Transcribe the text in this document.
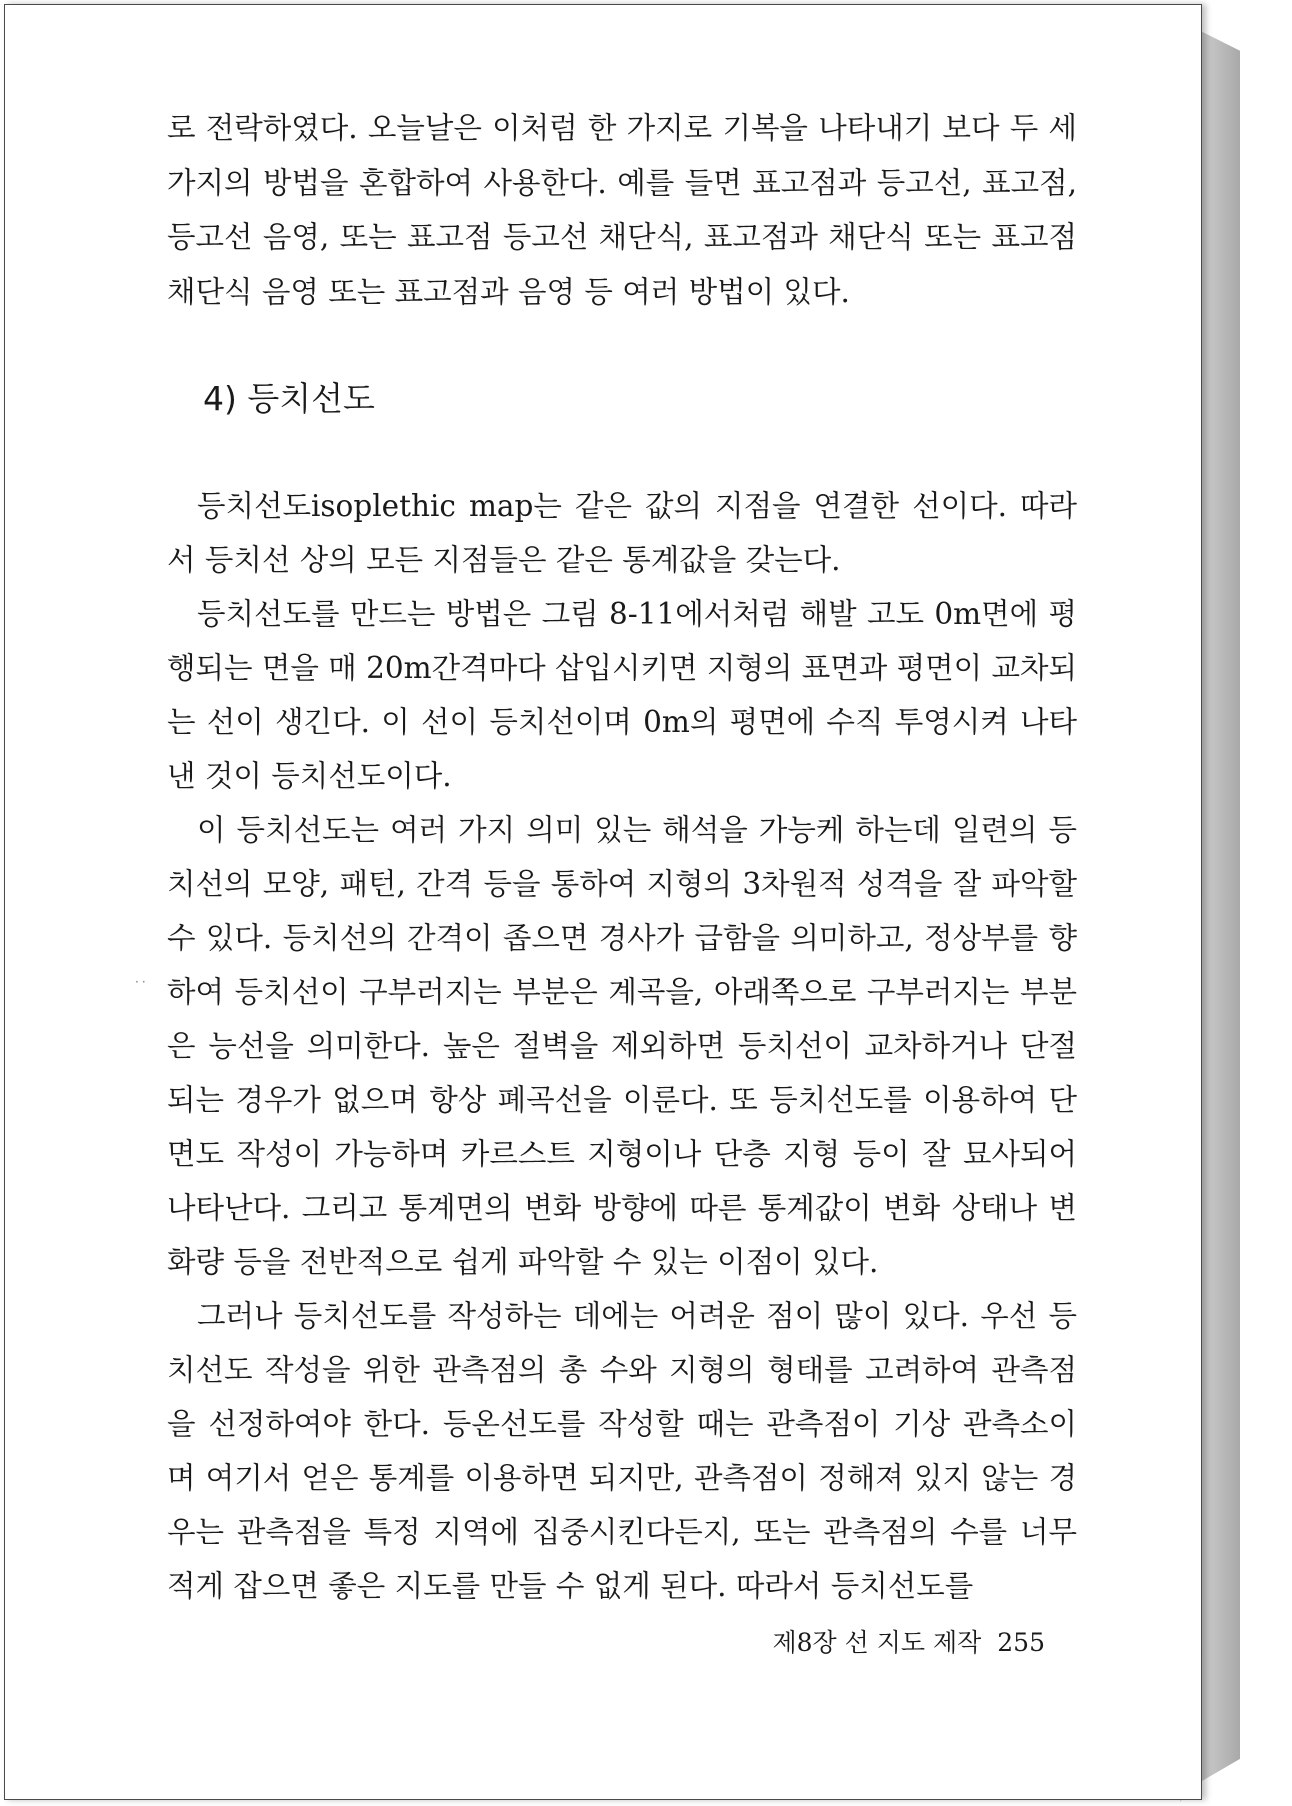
로 전락하였다. 오늘날은 이처럼 한 가지로 기복을 나타내기 보다 두 세 가지의 방법을 혼합하여 사용한다. 예를 들면 표고점과 등고선, 표고점, 등고선 음영, 또는 표고점 등고선 채단식, 표고점과 채단식 또는 표고점 채단식 음영 또는 표고점과 음영 등 여러 방법이 있다.

4) 등치선도

등치선도isoplethic map는 같은 값의 지점을 연결한 선이다. 따라서 등치선 상의 모든 지점들은 같은 통계값을 갖는다.

등치선도를 만드는 방법은 그림 8-11에서처럼 해발 고도 0m면에 평행되는 면을 매 20m간격마다 삽입시키면 지형의 표면과 평면이 교차되는 선이 생긴다. 이 선이 등치선이며 0m의 평면에 수직 투영시켜 나타낸 것이 등치선도이다.

이 등치선도는 여러 가지 의미 있는 해석을 가능케 하는데 일련의 등치선의 모양, 패턴, 간격 등을 통하여 지형의 3차원적 성격을 잘 파악할 수 있다. 등치선의 간격이 좁으면 경사가 급함을 의미하고, 정상부를 향하여 등치선이 구부러지는 부분은 계곡을, 아래쪽으로 구부러지는 부분은 능선을 의미한다. 높은 절벽을 제외하면 등치선이 교차하거나 단절되는 경우가 없으며 항상 폐곡선을 이룬다. 또 등치선도를 이용하여 단면도 작성이 가능하며 카르스트 지형이나 단층 지형 등이 잘 묘사되어 나타난다. 그리고 통계면의 변화 방향에 따른 통계값이 변화 상태나 변화량 등을 전반적으로 쉽게 파악할 수 있는 이점이 있다.

그러나 등치선도를 작성하는 데에는 어려운 점이 많이 있다. 우선 등치선도 작성을 위한 관측점의 총 수와 지형의 형태를 고려하여 관측점을 선정하여야 한다. 등온선도를 작성할 때는 관측점이 기상 관측소이며 여기서 얻은 통계를 이용하면 되지만, 관측점이 정해져 있지 않는 경우는 관측점을 특정 지역에 집중시킨다든지, 또는 관측점의 수를 너무 적게 잡으면 좋은 지도를 만들 수 없게 된다. 따라서 등치선도를

··
제8장 선 지도 제작 255
